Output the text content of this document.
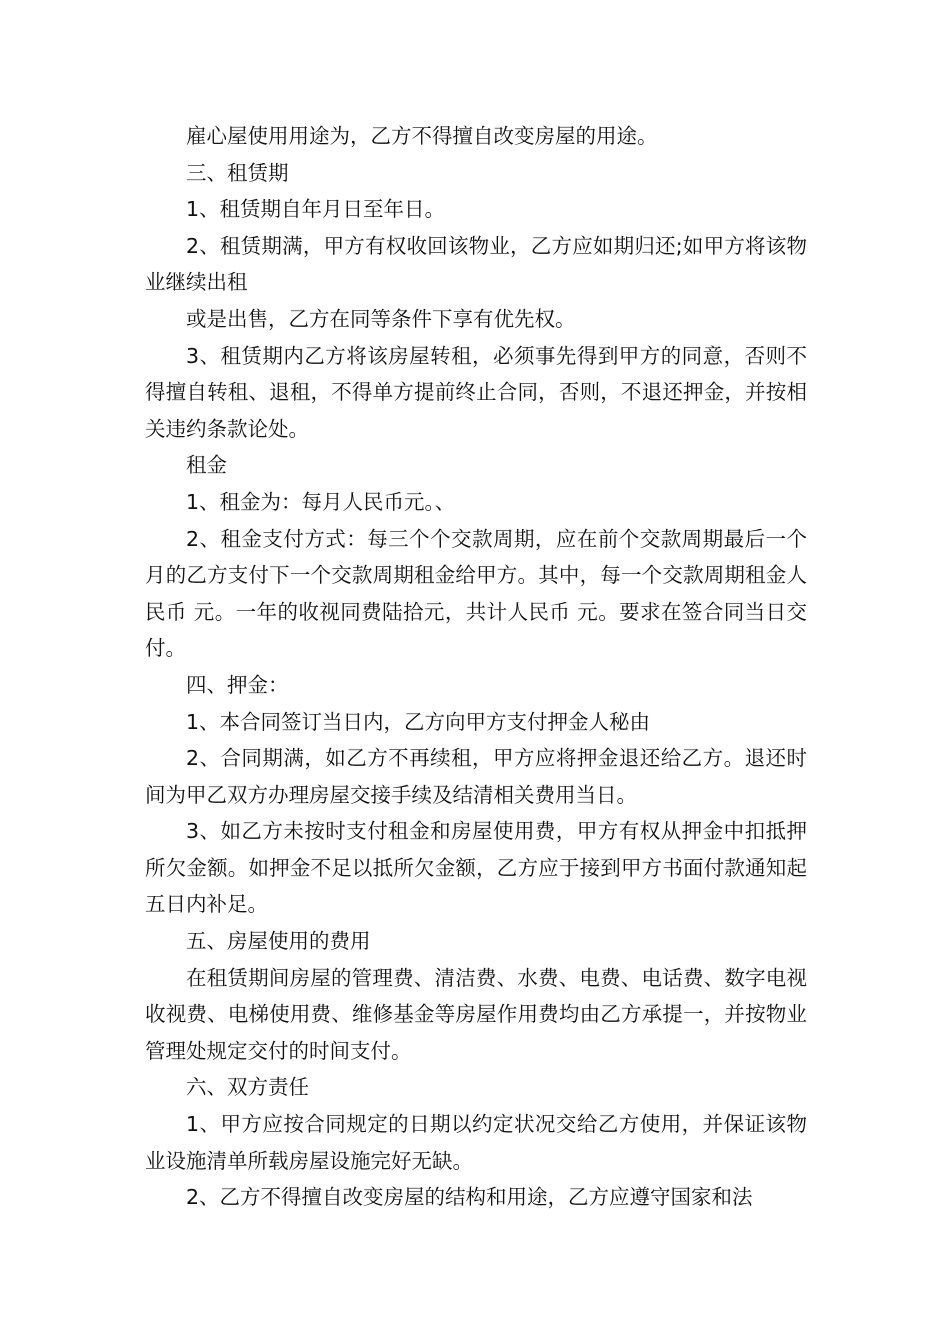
雇心屋使用用途为，乙方不得擅自改变房屋的用途。

三、租赁期

1、租赁期自年月日至年日。

2、租赁期满，甲方有权收回该物业，乙方应如期归还;如甲方将该物业继续出租

或是出售，乙方在同等条件下享有优先权。

3、租赁期内乙方将该房屋转租，必须事先得到甲方的同意，否则不得擅自转租、退租，不得单方提前终止合同，否则，不退还押金，并按相关违约条款论处。

租金

1、租金为：每月人民币元。、

2、租金支付方式：每三个个交款周期，应在前个交款周期最后一个月的乙方支付下一个交款周期租金给甲方。其中，每一个交款周期租金人民币 元。一年的收视同费陆拾元，共计人民币 元。要求在签合同当日交付。

四、押金：

1、本合同签订当日内，乙方向甲方支付押金人秘由

2、合同期满，如乙方不再续租，甲方应将押金退还给乙方。退还时间为甲乙双方办理房屋交接手续及结清相关费用当日。

3、如乙方未按时支付租金和房屋使用费，甲方有权从押金中扣抵押所欠金额。如押金不足以抵所欠金额，乙方应于接到甲方书面付款通知起五日内补足。

五、房屋使用的费用

在租赁期间房屋的管理费、清洁费、水费、电费、电话费、数字电视收视费、电梯使用费、维修基金等房屋作用费均由乙方承提一，并按物业管理处规定交付的时间支付。

六、双方责任

1、甲方应按合同规定的日期以约定状况交给乙方使用，并保证该物业设施清单所载房屋设施完好无缺。

2、乙方不得擅自改变房屋的结构和用途，乙方应遵守国家和法
